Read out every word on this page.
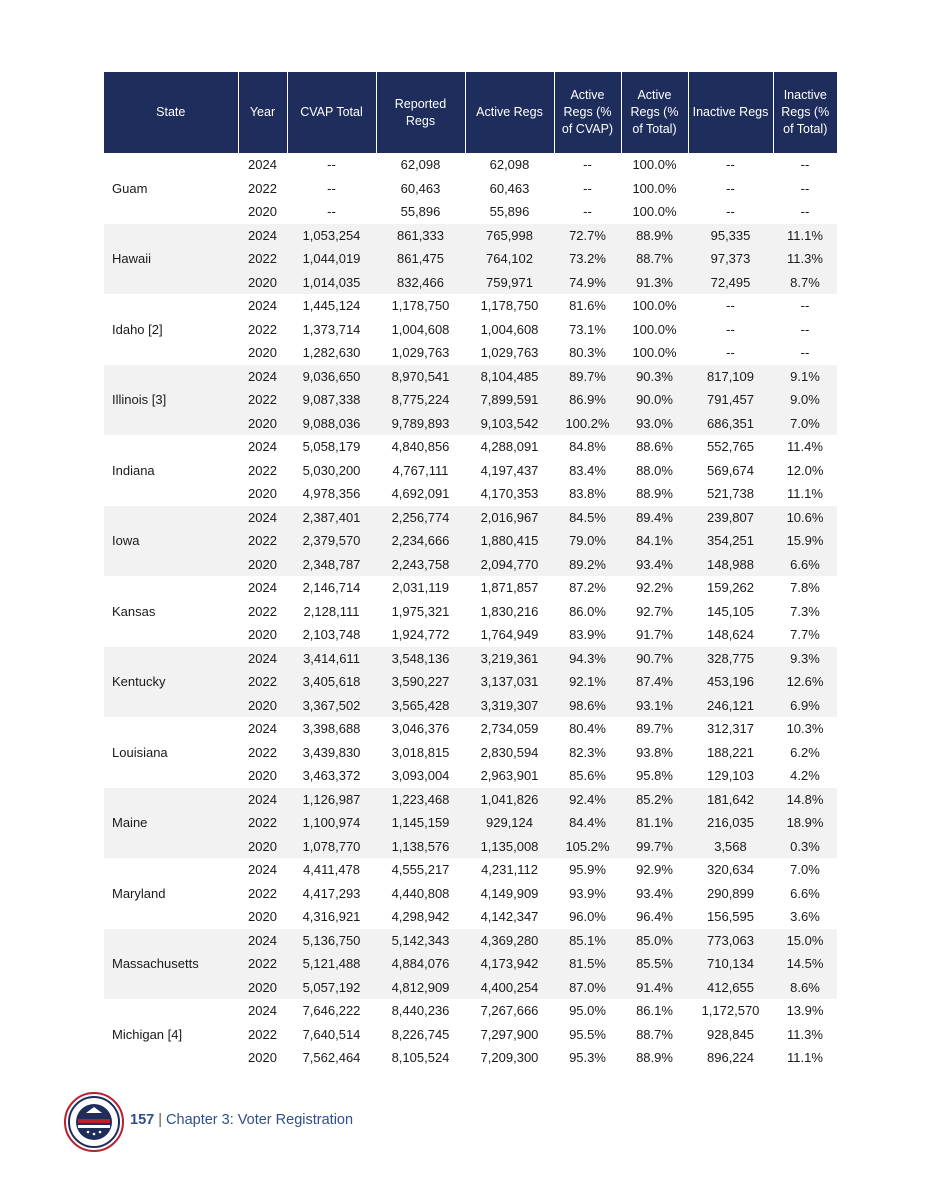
State	Year	CVAP Total	Reported Regs	Active Regs	Active Regs (% of CVAP)	Active Regs (% of Total)	Inactive Regs	Inactive Regs (% of Total)
Guam	2024	--	62,098	62,098	--	100.0%	--	--
	2022	--	60,463	60,463	--	100.0%	--	--
	2020	--	55,896	55,896	--	100.0%	--	--
Hawaii	2024	1,053,254	861,333	765,998	72.7%	88.9%	95,335	11.1%
	2022	1,044,019	861,475	764,102	73.2%	88.7%	97,373	11.3%
	2020	1,014,035	832,466	759,971	74.9%	91.3%	72,495	8.7%
Idaho [2]	2024	1,445,124	1,178,750	1,178,750	81.6%	100.0%	--	--
	2022	1,373,714	1,004,608	1,004,608	73.1%	100.0%	--	--
	2020	1,282,630	1,029,763	1,029,763	80.3%	100.0%	--	--
Illinois [3]	2024	9,036,650	8,970,541	8,104,485	89.7%	90.3%	817,109	9.1%
	2022	9,087,338	8,775,224	7,899,591	86.9%	90.0%	791,457	9.0%
	2020	9,088,036	9,789,893	9,103,542	100.2%	93.0%	686,351	7.0%
Indiana	2024	5,058,179	4,840,856	4,288,091	84.8%	88.6%	552,765	11.4%
	2022	5,030,200	4,767,111	4,197,437	83.4%	88.0%	569,674	12.0%
	2020	4,978,356	4,692,091	4,170,353	83.8%	88.9%	521,738	11.1%
Iowa	2024	2,387,401	2,256,774	2,016,967	84.5%	89.4%	239,807	10.6%
	2022	2,379,570	2,234,666	1,880,415	79.0%	84.1%	354,251	15.9%
	2020	2,348,787	2,243,758	2,094,770	89.2%	93.4%	148,988	6.6%
Kansas	2024	2,146,714	2,031,119	1,871,857	87.2%	92.2%	159,262	7.8%
	2022	2,128,111	1,975,321	1,830,216	86.0%	92.7%	145,105	7.3%
	2020	2,103,748	1,924,772	1,764,949	83.9%	91.7%	148,624	7.7%
Kentucky	2024	3,414,611	3,548,136	3,219,361	94.3%	90.7%	328,775	9.3%
	2022	3,405,618	3,590,227	3,137,031	92.1%	87.4%	453,196	12.6%
	2020	3,367,502	3,565,428	3,319,307	98.6%	93.1%	246,121	6.9%
Louisiana	2024	3,398,688	3,046,376	2,734,059	80.4%	89.7%	312,317	10.3%
	2022	3,439,830	3,018,815	2,830,594	82.3%	93.8%	188,221	6.2%
	2020	3,463,372	3,093,004	2,963,901	85.6%	95.8%	129,103	4.2%
Maine	2024	1,126,987	1,223,468	1,041,826	92.4%	85.2%	181,642	14.8%
	2022	1,100,974	1,145,159	929,124	84.4%	81.1%	216,035	18.9%
	2020	1,078,770	1,138,576	1,135,008	105.2%	99.7%	3,568	0.3%
Maryland	2024	4,411,478	4,555,217	4,231,112	95.9%	92.9%	320,634	7.0%
	2022	4,417,293	4,440,808	4,149,909	93.9%	93.4%	290,899	6.6%
	2020	4,316,921	4,298,942	4,142,347	96.0%	96.4%	156,595	3.6%
Massachusetts	2024	5,136,750	5,142,343	4,369,280	85.1%	85.0%	773,063	15.0%
	2022	5,121,488	4,884,076	4,173,942	81.5%	85.5%	710,134	14.5%
	2020	5,057,192	4,812,909	4,400,254	87.0%	91.4%	412,655	8.6%
Michigan [4]	2024	7,646,222	8,440,236	7,267,666	95.0%	86.1%	1,172,570	13.9%
	2022	7,640,514	8,226,745	7,297,900	95.5%	88.7%	928,845	11.3%
	2020	7,562,464	8,105,524	7,209,300	95.3%	88.9%	896,224	11.1%
157 | Chapter 3: Voter Registration
